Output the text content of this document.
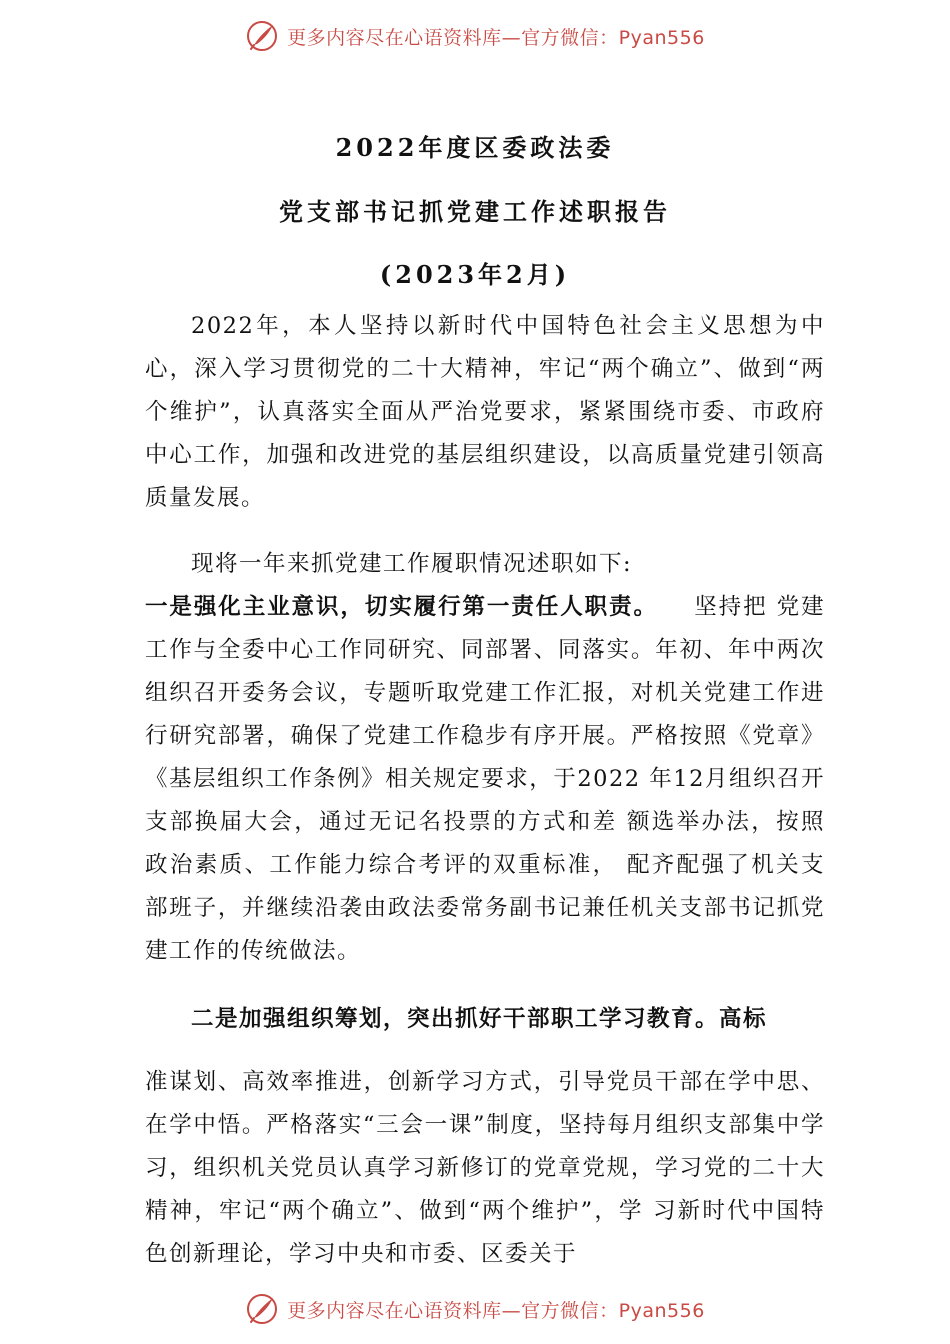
更多内容尽在心语资料库—官方微信：Pyan556
2022年度区委政法委
党支部书记抓党建工作述职报告
(2023年2月)

2022年，本人坚持以新时代中国特色社会主义思想为中心，深入学习贯彻党的二十大精神，牢记“两个确立”、做到“两个维护”，认真落实全面从严治党要求，紧紧围绕市委、市政府中心工作，加强和改进党的基层组织建设，以高质量党建引领高质量发展。

现将一年来抓党建工作履职情况述职如下:

一是强化主业意识，切实履行第一责任人职责。 坚持把 党建工作与全委中心工作同研究、同部署、同落实。年初、年中两次组织召开委务会议，专题听取党建工作汇报，对机关党建工作进行研究部署，确保了党建工作稳步有序开展。严格按照《党章》《基层组织工作条例》相关规定要求，于2022 年12月组织召开支部换届大会，通过无记名投票的方式和差 额选举办法，按照政治素质、工作能力综合考评的双重标准， 配齐配强了机关支部班子，并继续沿袭由政法委常务副书记兼任机关支部书记抓党建工作的传统做法。

二是加强组织筹划，突出抓好干部职工学习教育。高标

准谋划、高效率推进，创新学习方式，引导党员干部在学中思、在学中悟。严格落实“三会一课”制度，坚持每月组织支部集中学习，组织机关党员认真学习新修订的党章党规，学习党的二十大精神，牢记“两个确立”、做到“两个维护”，学 习新时代中国特色创新理论，学习中央和市委、区委关于

更多内容尽在心语资料库—官方微信：Pyan556
